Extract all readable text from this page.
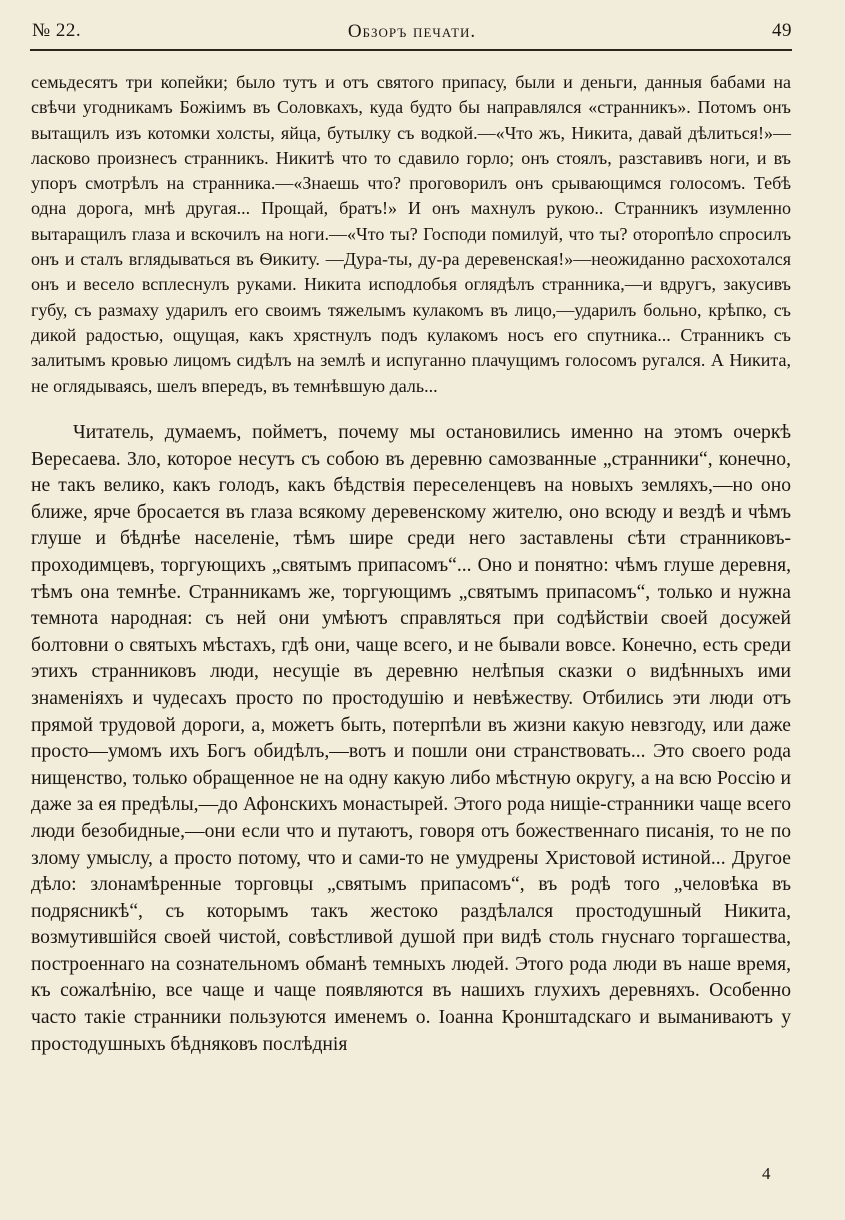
№ 22.	Обзоръ печати.	49
семьдесятъ три копейки; было тутъ и отъ святого припасу, были и деньги, данныя бабами на свѣчи угодникамъ Божіимъ въ Соловкахъ, куда будто бы направлялся «странникъ». Потомъ онъ вытащилъ изъ котомки холсты, яйца, бутылку съ водкой.—«Что жъ, Никита, давай дѣлиться!»—ласково произнесъ странникъ. Никитѣ что то сдавило горло; онъ стоялъ, разставивъ ноги, и въ упоръ смотрѣлъ на странника.—«Знаешь что? проговорилъ онъ срывающимся голосомъ. Тебѣ одна дорога, мнѣ другая... Прощай, братъ!» И онъ махнулъ рукою.. Странникъ изумленно вытаращилъ глаза и вскочилъ на ноги.—«Что ты? Господи помилуй, что ты? оторопѣло спросилъ онъ и сталъ вглядываться въ Ѳикиту. —Дура-ты, ду-ра деревенская!»—неожиданно расхохотался онъ и весело всплеснулъ руками. Никита исподлобья оглядѣлъ странника,—и вдругъ, закусивъ губу, съ размаху ударилъ его своимъ тяжелымъ кулакомъ въ лицо,—ударилъ больно, крѣпко, съ дикой радостью, ощущая, какъ хрястнулъ подъ кулакомъ носъ его спутника... Странникъ съ залитымъ кровью лицомъ сидѣлъ на землѣ и испуганно плачущимъ голосомъ ругался. А Никита, не оглядываясь, шелъ впередъ, въ темнѣвшую даль...
Читатель, думаемъ, пойметъ, почему мы остановились именно на этомъ очеркѣ Вересаева. Зло, которое несутъ съ собою въ деревню самозванные „странники“, конечно, не такъ велико, какъ голодъ, какъ бѣдствія переселенцевъ на новыхъ земляхъ,—но оно ближе, ярче бросается въ глаза всякому деревенскому жителю, оно всюду и вездѣ и чѣмъ глуше и бѣднѣе населеніе, тѣмъ шире среди него заставлены сѣти странниковъ-проходимцевъ, торгующихъ „святымъ припасомъ“... Оно и понятно: чѣмъ глуше деревня, тѣмъ она темнѣе. Странникамъ же, торгующимъ „святымъ припасомъ“, только и нужна темнота народная: съ ней они умѣютъ справляться при содѣйствіи своей досужей болтовни о святыхъ мѣстахъ, гдѣ они, чаще всего, и не бывали вовсе. Конечно, есть среди этихъ странниковъ люди, несущіе въ деревню нелѣпыя сказки о видѣнныхъ ими знаменіяхъ и чудесахъ просто по простодушію и невѣжеству. Отбились эти люди отъ прямой трудовой дороги, а, можетъ быть, потерпѣли въ жизни какую невзгоду, или даже просто—умомъ ихъ Богъ обидѣлъ,—вотъ и пошли они странствовать... Это своего рода нищенство, только обращенное не на одну какую либо мѣстную округу, а на всю Россію и даже за ея предѣлы,—до Афонскихъ монастырей. Этого рода нищіе-странники чаще всего люди безобидные,—они если что и путаютъ, говоря отъ божественнаго писанія, то не по злому умыслу, а просто потому, что и сами-то не умудрены Христовой истиной... Другое дѣло: злонамѣренные торговцы „святымъ припасомъ“, въ родѣ того „человѣка въ подрясникѣ“, съ которымъ такъ жестоко раздѣлался простодушный Никита, возмутившійся своей чистой, совѣстливой душой при видѣ столь гнуснаго торгашества, построеннаго на сознательномъ обманѣ темныхъ людей. Этого рода люди въ наше время, къ сожалѣнію, все чаще и чаще появляются въ нашихъ глухихъ деревняхъ. Особенно часто такіе странники пользуются именемъ о. Іоанна Кронштадскаго и выманиваютъ у простодушныхъ бѣдняковъ послѣднія
4
